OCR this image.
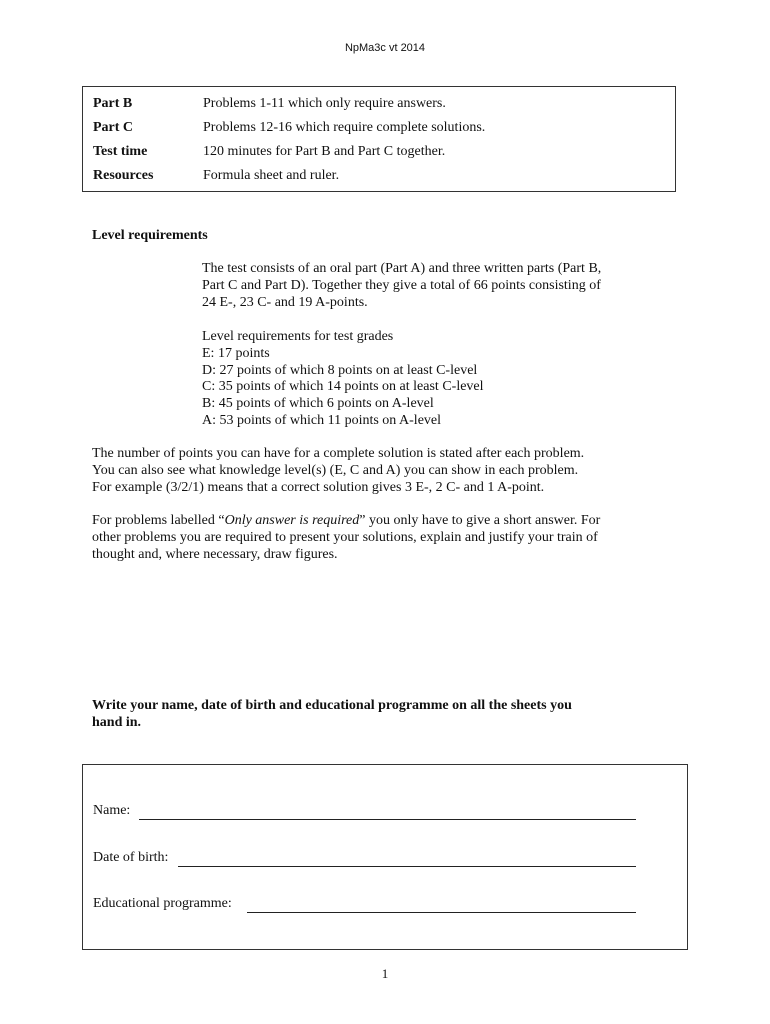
NpMa3c vt 2014
Part B	Problems 1-11 which only require answers.
Part C	Problems 12-16 which require complete solutions.
Test time	120 minutes for Part B and Part C together.
Resources	Formula sheet and ruler.
Level requirements
The test consists of an oral part (Part A) and three written parts (Part B,
Part C and Part D). Together they give a total of 66 points consisting of
24 E-, 23 C- and 19 A-points.
Level requirements for test grades
E: 17 points
D: 27 points of which 8 points on at least C-level
C: 35 points of which 14 points on at least C-level
B: 45 points of which 6 points on A-level
A: 53 points of which 11 points on A-level
The number of points you can have for a complete solution is stated after each problem.
You can also see what knowledge level(s) (E, C and A) you can show in each problem.
For example (3/2/1) means that a correct solution gives 3 E-, 2 C- and 1 A-point.
For problems labelled “Only answer is required” you only have to give a short answer. For
other problems you are required to present your solutions, explain and justify your train of
thought and, where necessary, draw figures.
Write your name, date of birth and educational programme on all the sheets you
hand in.
Name:
Date of birth:
Educational programme:
1
